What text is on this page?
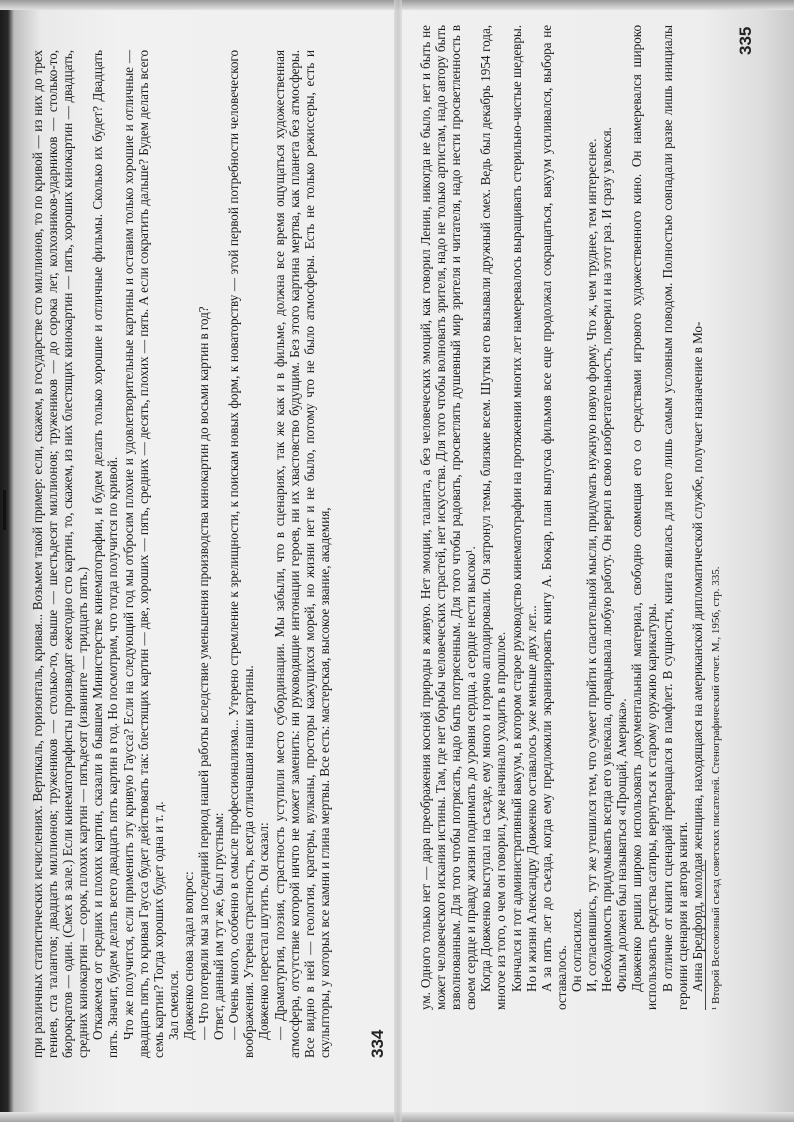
при различных статистических исчислениях. Вертикаль, горизонталь, кривая... Возьмем такой пример: если, скажем, в государстве сто миллионов, то по кривой — из них до трех гениев, ста талантов; двадцать миллионов; тружеников — столько-то, свыше — шестьдесят миллионов; тружеников — до сорока лет, колхозников-ударников — столько-то, бюрократов — один. (Смех в зале.) Если кинематографисты производят ежегодно сто картин, то, скажем, из них блестящих кинокартин — пять, хороших кинокартин — двадцать, средних кинокартин — сорок, плохих картин — пятьдесят (извините — тридцать пять.) Откажемся от средних и плохих картин, сказали в бывшем Министерстве кинематографии, и будем делать только хорошие и отличные фильмы. Сколько их будет? Двадцать пять. Значит, будем делать всего двадцать пять картин в год. Но посмотрим, что тогда получится по кривой. Что же получится, если применить эту кривую Гаусса? Если на следующий год мы отбросим плохие и удовлетворительные картины и оставим только хорошие и отличные — двадцать пять, то кривая Гаусса будет действовать так: блестящих картин — две, хороших — пять, средних — десять, плохих — пять. А если сократить дальше? Будем делать всего семь картин? Тогда хороших будет одна и т. д. Зал смеялся. Довженко снова задал вопрос: — Что потеряли мы за последний период нашей работы вследствие уменьшения производства кинокартин до восьми картин в год? Ответ, данный им тут же, был грустным: — Очень много, особенно в смысле профессионализма... Утерено стремление к зрелищности, к поискам новых форм, к новаторству — этой первой потребности человеческого воображения. Утерена страстность, всегда отличавшая наши картины. Довженко перестал шутить. Он сказал: — Драматургия, поэзия, страстность уступили место субординации. Мы забыли, что в сценариях, так же как и в фильме, должна все время ощущаться художественная атмосфера, отсутствие которой ничто не может заменить: ни руководящие интонации героев, ни их хвастовство будущим. Без этого картина мертва, как планета без атмосферы. Все видно в ней — геология, кратеры, вулканы, просторы кажущихся морей, но жизни нет и не было, потому что не было атмосферы. Есть не только режиссеры, есть и скульпторы, у которых все камни и глина мертвы. Все есть: мастерская, высокое звание, академия, 334

ум. Одного только нет — дара преображения косной природы в живую. Нет эмоции, таланта, а без человеческих эмоций, как говорил Ленин, никогда не было, нет и быть не может человеческого искания истины. Там, где нет борьбы человеческих страстей, нет искусства. Для того чтобы волновать зрителя, надо не только артистам, надо автору быть взволнованным. Для того чтобы потрясать, надо быть потрясенным. Для того чтобы радовать, просветлять душевный мир зрителя и читателя, надо нести просветленность в своем сердце и правду жизни поднимать до уровня сердца, а сердце нести высоко¹. Когда Довженко выступал на съезде, ему много и горячо аплодировали. Он затронул темы, близкие всем. Шутки его вызывали дружный смех. Ведь был декабрь 1954 года, многое из того, о чем он говорил, уже начинало уходить в прошлое. Кончался и тот административный вакуум, в котором старое руководство кинематографии на протяжении многих лет намеревалось выращивать стерильно-чистые шедевры. Но и жизни Александру Довженко оставалось уже меньше двух лет... А за пять лет до съезда, когда ему предложили экранизировать книгу А. Бюкар, план выпуска фильмов все еще продолжал сокращаться, вакуум усиливался, выбора не оставалось. Он согласился. И, согласившись, тут же утешился тем, что сумеет прийти к спасительной мысли, придумать нужную новую форму. Что ж, чем труднее, тем интереснее. Необходимость придумывать всегда его увлекала, оправдывала любую работу. Он верил в свою изобретательность, поверил и на этот раз. И сразу увлекся. Фильм должен был называться «Прощай, Америка». Довженко решил широко использовать документальный материал, свободно совмещая его со средствами игрового художественного кино. Он намеревался широко использовать средства сатиры, вернуться к старому оружию карикатуры. В отличие от книги сценарий превращался в памфлет. В сущности, книга явилась для него лишь самым условным поводом. Полностью совпадали разве лишь инициалы героини сценария и автора книги. Анна Бредфорд, молодая женщина, находящаяся на американской дипломатической службе, получает назначение в Мо- ¹ Второй Всесоюзный съезд советских писателей. Стенографический отчет. М., 1956, стр. 335.
335
